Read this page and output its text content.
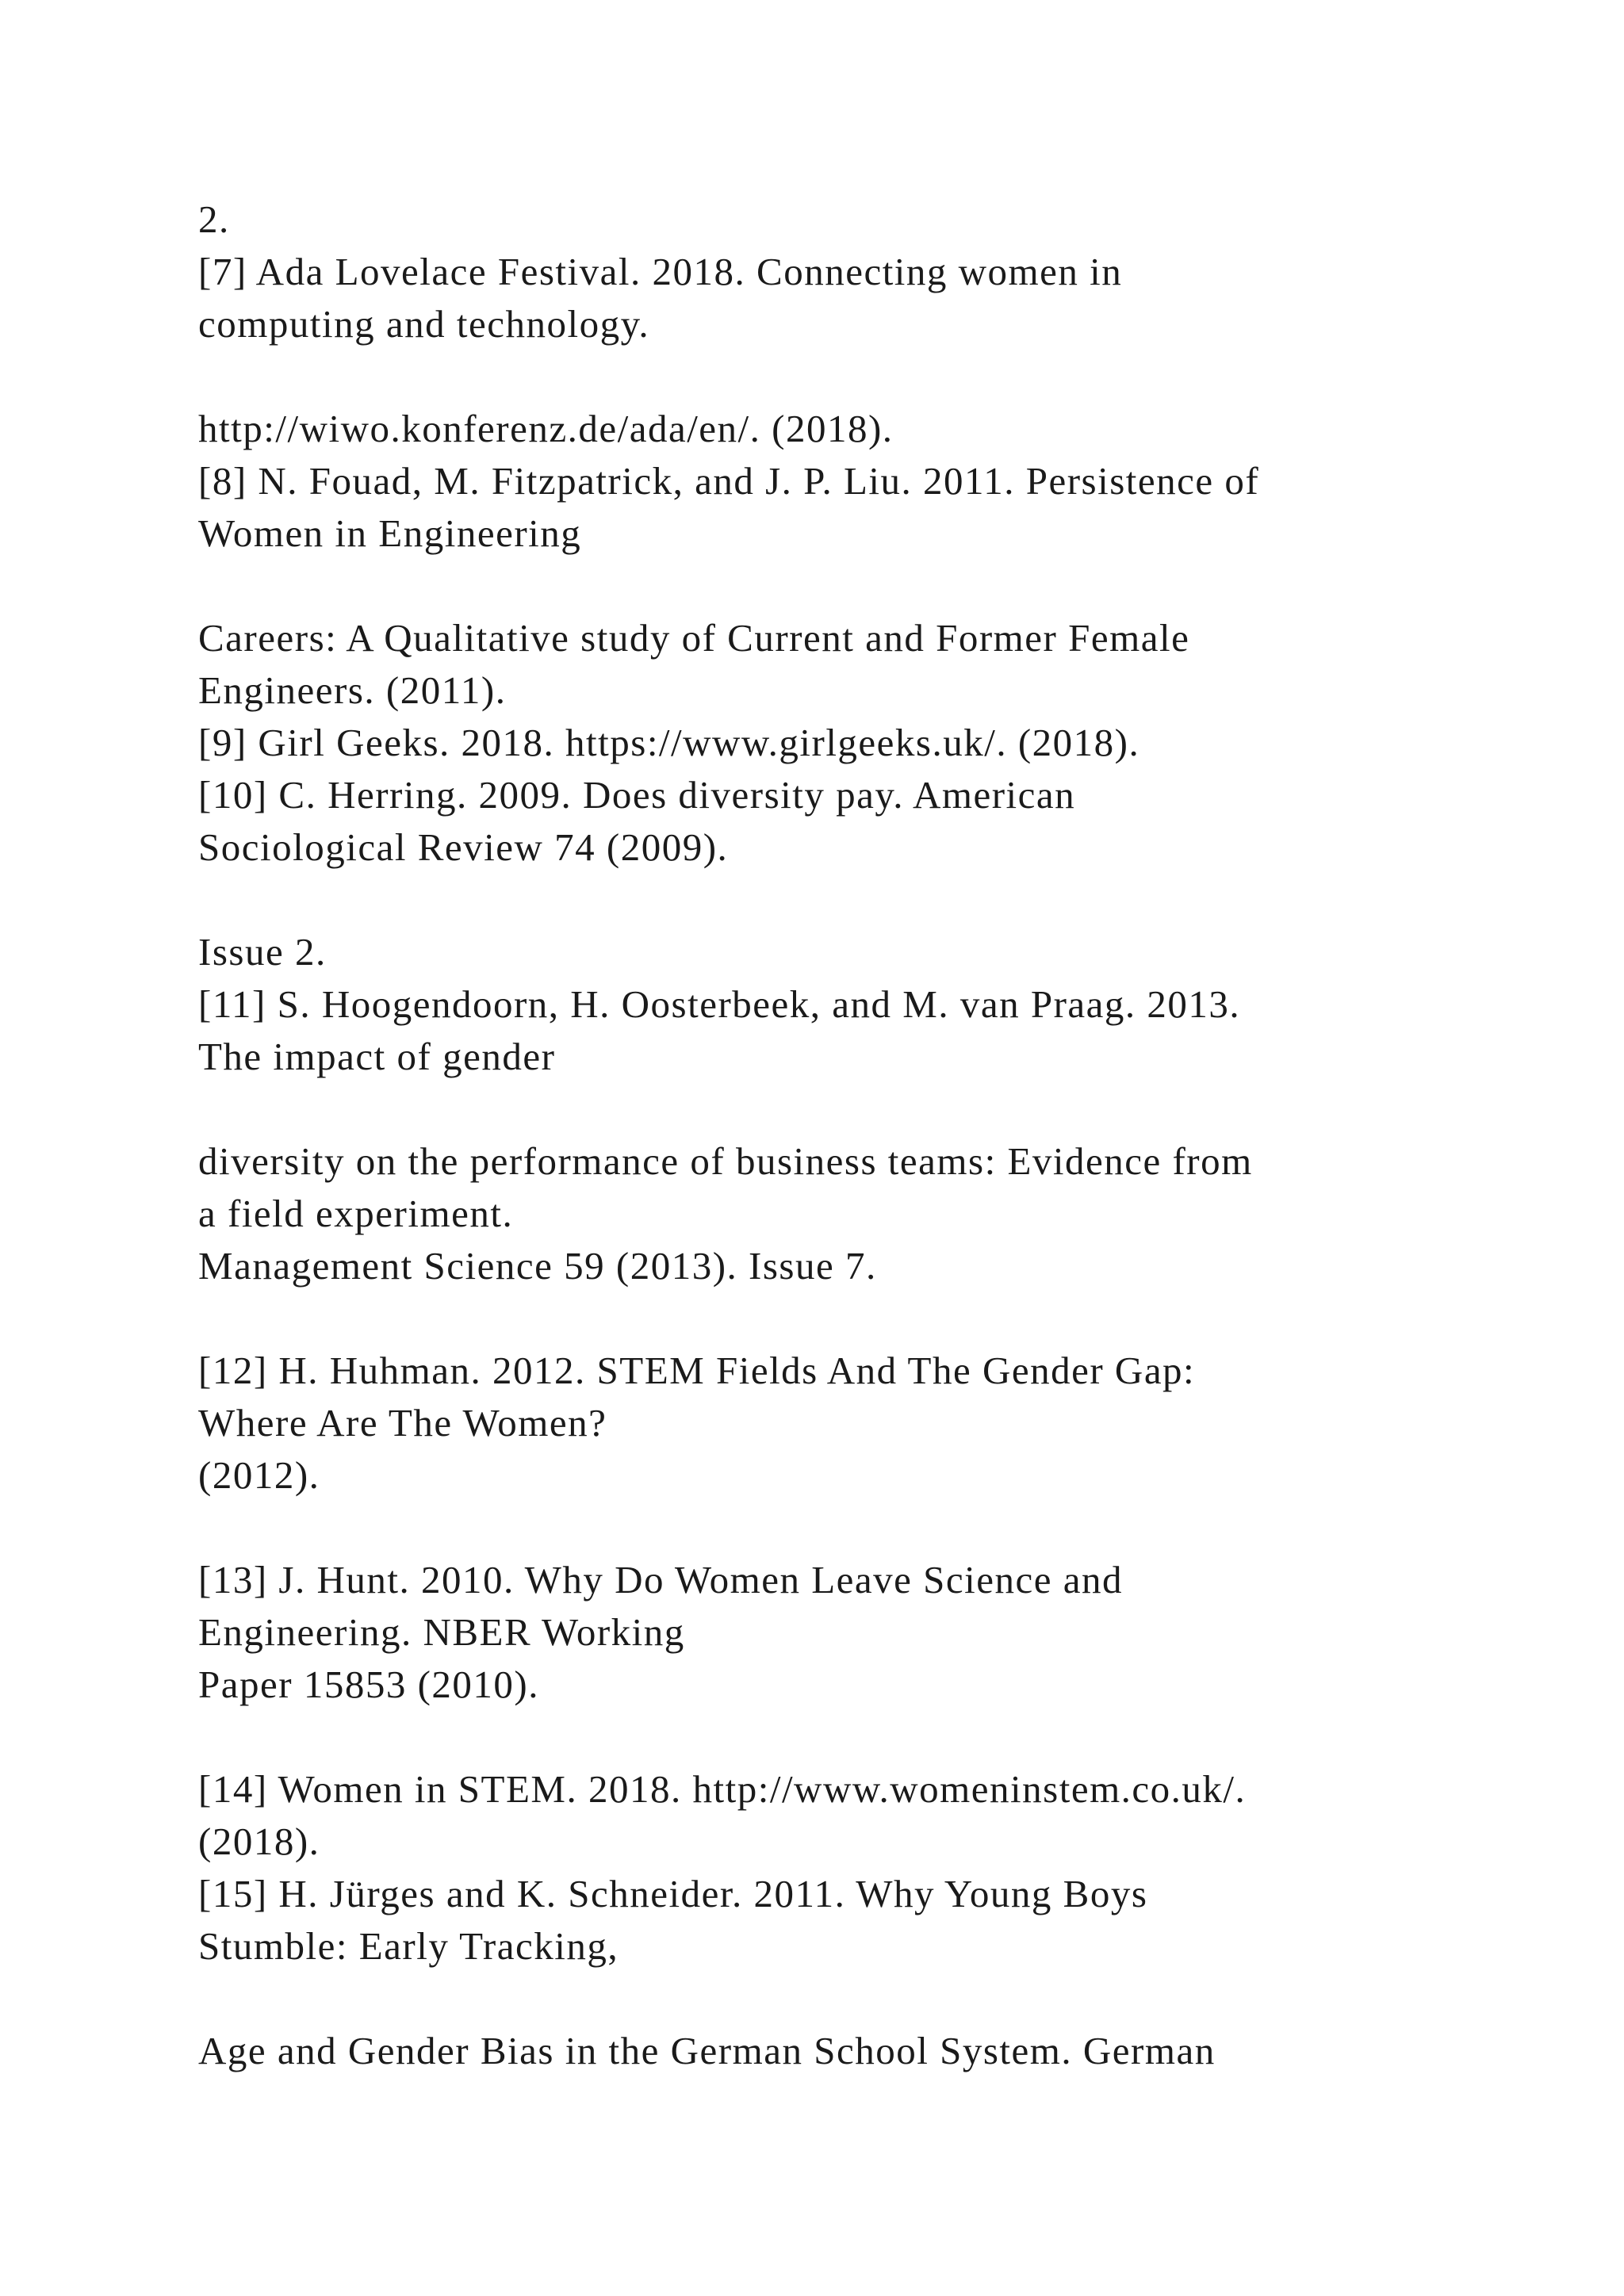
2.
[7] Ada Lovelace Festival. 2018. Connecting women in
computing and technology.
http://wiwo.konferenz.de/ada/en/. (2018).
[8] N. Fouad, M. Fitzpatrick, and J. P. Liu. 2011. Persistence of
Women in Engineering
Careers: A Qualitative study of Current and Former Female
Engineers. (2011).
[9] Girl Geeks. 2018. https://www.girlgeeks.uk/. (2018).
[10] C. Herring. 2009. Does diversity pay. American
Sociological Review 74 (2009).
Issue 2.
[11] S. Hoogendoorn, H. Oosterbeek, and M. van Praag. 2013.
The impact of gender
diversity on the performance of business teams: Evidence from
a field experiment.
Management Science 59 (2013). Issue 7.
[12] H. Huhman. 2012. STEM Fields And The Gender Gap:
Where Are The Women?
(2012).
[13] J. Hunt. 2010. Why Do Women Leave Science and
Engineering. NBER Working
Paper 15853 (2010).
[14] Women in STEM. 2018. http://www.womeninstem.co.uk/.
(2018).
[15] H. Jürges and K. Schneider. 2011. Why Young Boys
Stumble: Early Tracking,
Age and Gender Bias in the German School System. German
